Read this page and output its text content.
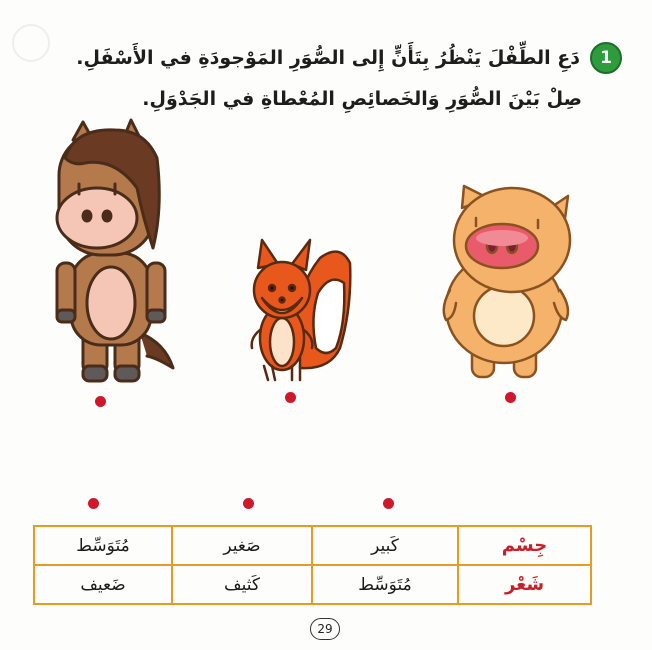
1
دَعِ الطِّفْلَ يَنْظُرُ بِتَأَنٍّ إِلى الصُّوَرِ المَوْجودَةِ في الأَسْفَلِ.
صِلْ بَيْنَ الصُّوَرِ وَالخَصائِصِ المُعْطاةِ في الجَدْوَلِ.
جِسْم	كَبير	صَغير	مُتَوَسِّط
شَعْر	مُتَوَسِّط	كَثيف	ضَعيف
29
